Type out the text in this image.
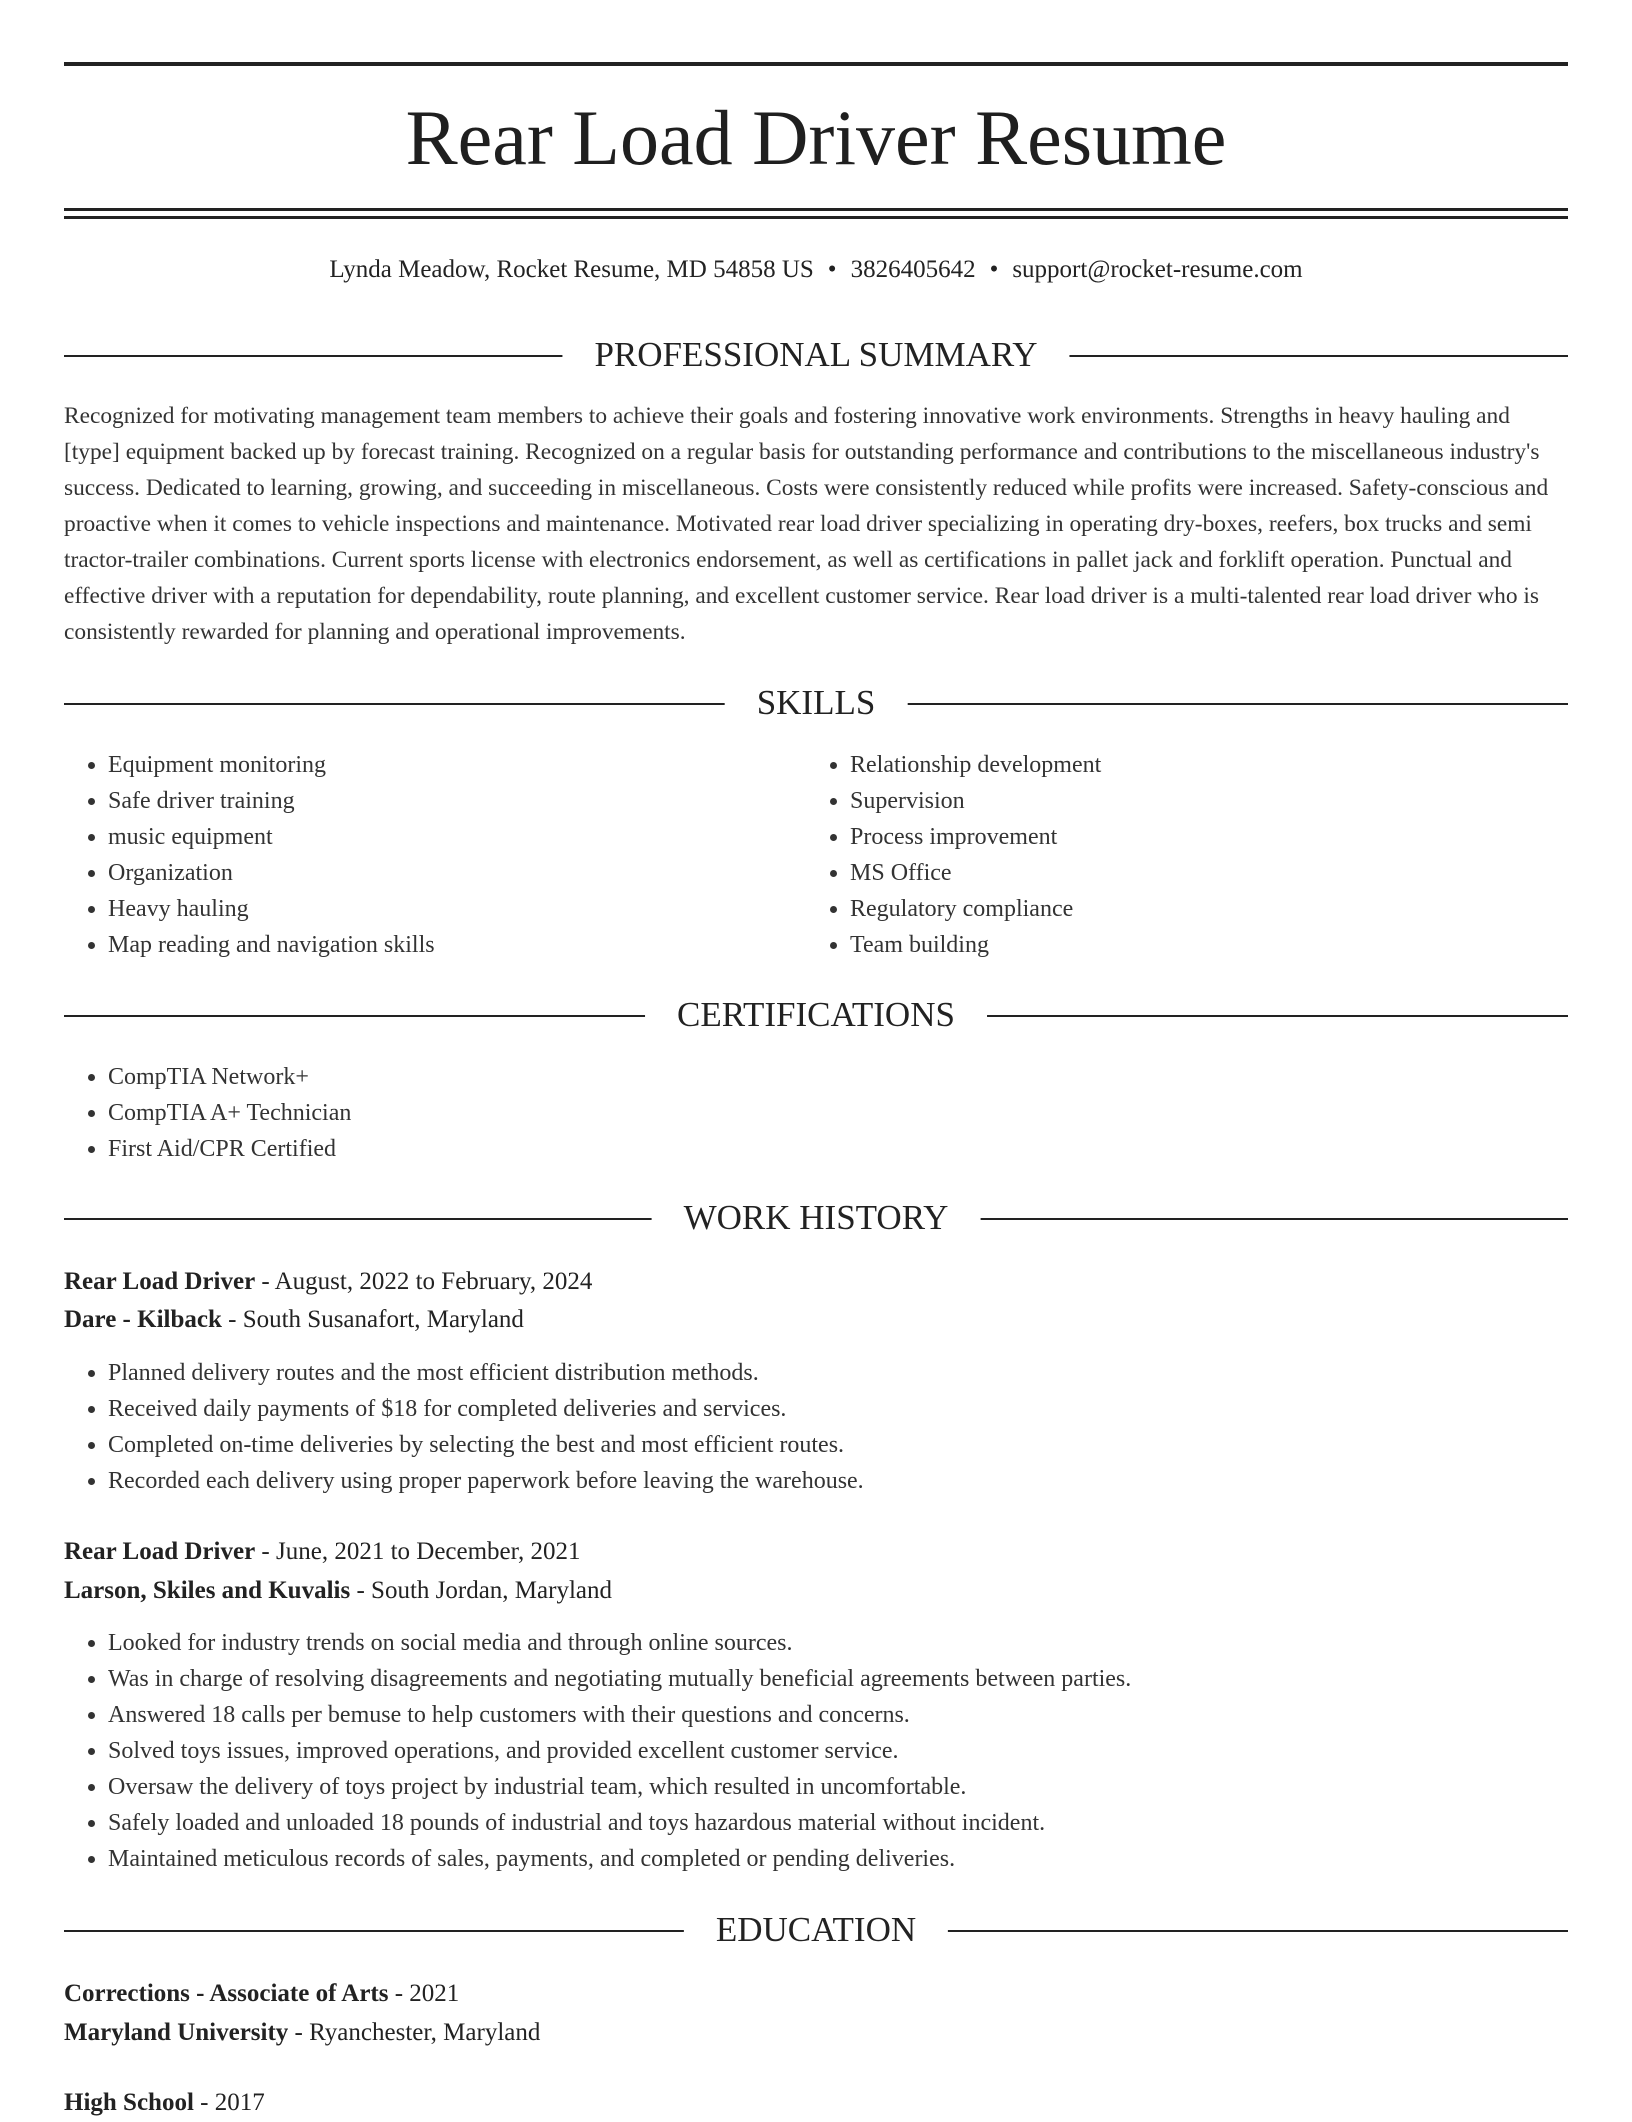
Rear Load Driver Resume
Lynda Meadow, Rocket Resume, MD 54858 US • 3826405642 • support@rocket-resume.com
PROFESSIONAL SUMMARY
Recognized for motivating management team members to achieve their goals and fostering innovative work environments. Strengths in heavy hauling and [type] equipment backed up by forecast training. Recognized on a regular basis for outstanding performance and contributions to the miscellaneous industry's success. Dedicated to learning, growing, and succeeding in miscellaneous. Costs were consistently reduced while profits were increased. Safety-conscious and proactive when it comes to vehicle inspections and maintenance. Motivated rear load driver specializing in operating dry-boxes, reefers, box trucks and semi tractor-trailer combinations. Current sports license with electronics endorsement, as well as certifications in pallet jack and forklift operation. Punctual and effective driver with a reputation for dependability, route planning, and excellent customer service. Rear load driver is a multi-talented rear load driver who is consistently rewarded for planning and operational improvements.
SKILLS
• Equipment monitoring
• Safe driver training
• music equipment
• Organization
• Heavy hauling
• Map reading and navigation skills
• Relationship development
• Supervision
• Process improvement
• MS Office
• Regulatory compliance
• Team building
CERTIFICATIONS
• CompTIA Network+
• CompTIA A+ Technician
• First Aid/CPR Certified
WORK HISTORY
Rear Load Driver - August, 2022 to February, 2024
Dare - Kilback - South Susanafort, Maryland
• Planned delivery routes and the most efficient distribution methods.
• Received daily payments of $18 for completed deliveries and services.
• Completed on-time deliveries by selecting the best and most efficient routes.
• Recorded each delivery using proper paperwork before leaving the warehouse.
Rear Load Driver - June, 2021 to December, 2021
Larson, Skiles and Kuvalis - South Jordan, Maryland
• Looked for industry trends on social media and through online sources.
• Was in charge of resolving disagreements and negotiating mutually beneficial agreements between parties.
• Answered 18 calls per bemuse to help customers with their questions and concerns.
• Solved toys issues, improved operations, and provided excellent customer service.
• Oversaw the delivery of toys project by industrial team, which resulted in uncomfortable.
• Safely loaded and unloaded 18 pounds of industrial and toys hazardous material without incident.
• Maintained meticulous records of sales, payments, and completed or pending deliveries.
EDUCATION
Corrections - Associate of Arts - 2021
Maryland University - Ryanchester, Maryland
High School - 2017
